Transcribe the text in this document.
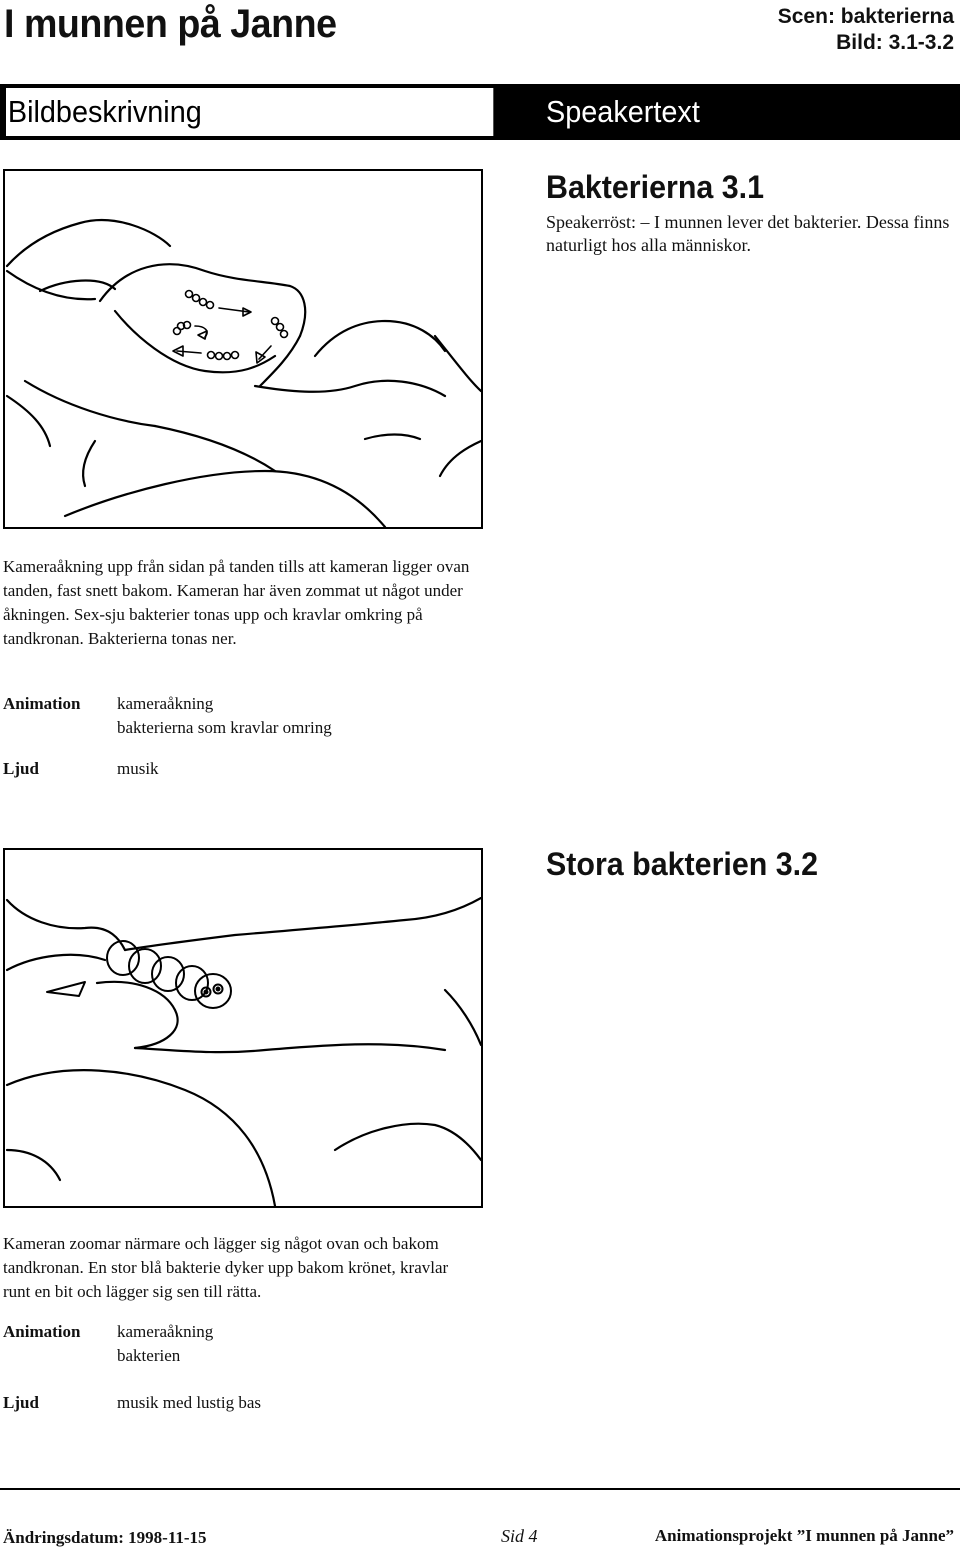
I munnen på Janne	Scen: bakterierna
Bild: 3.1-3.2
Bildbeskrivning	Speakertext
Bakterierna 3.1
Speakerröst: – I munnen lever det bakterier. Dessa finns naturligt hos alla människor.
Kameraåkning upp från sidan på tanden tills att kameran ligger ovan tanden, fast snett bakom. Kameran har även zommat ut något under åkningen. Sex-sju bakterier tonas upp och kravlar omkring på tandkronan. Bakterierna tonas ner.
Animation kameraåkning
bakterierna som kravlar omring
Ljud	musik
Stora bakterien 3.2
Kameran zoomar närmare och lägger sig något ovan och bakom tandkronan. En stor blå bakterie dyker upp bakom krönet, kravlar runt en bit och lägger sig sen till rätta.
Animation kameraåkning
bakterien
Ljud	musik med lustig bas
Ändringsdatum: 1998-11-15	Sid 4	Animationsprojekt ”I munnen på Janne”
